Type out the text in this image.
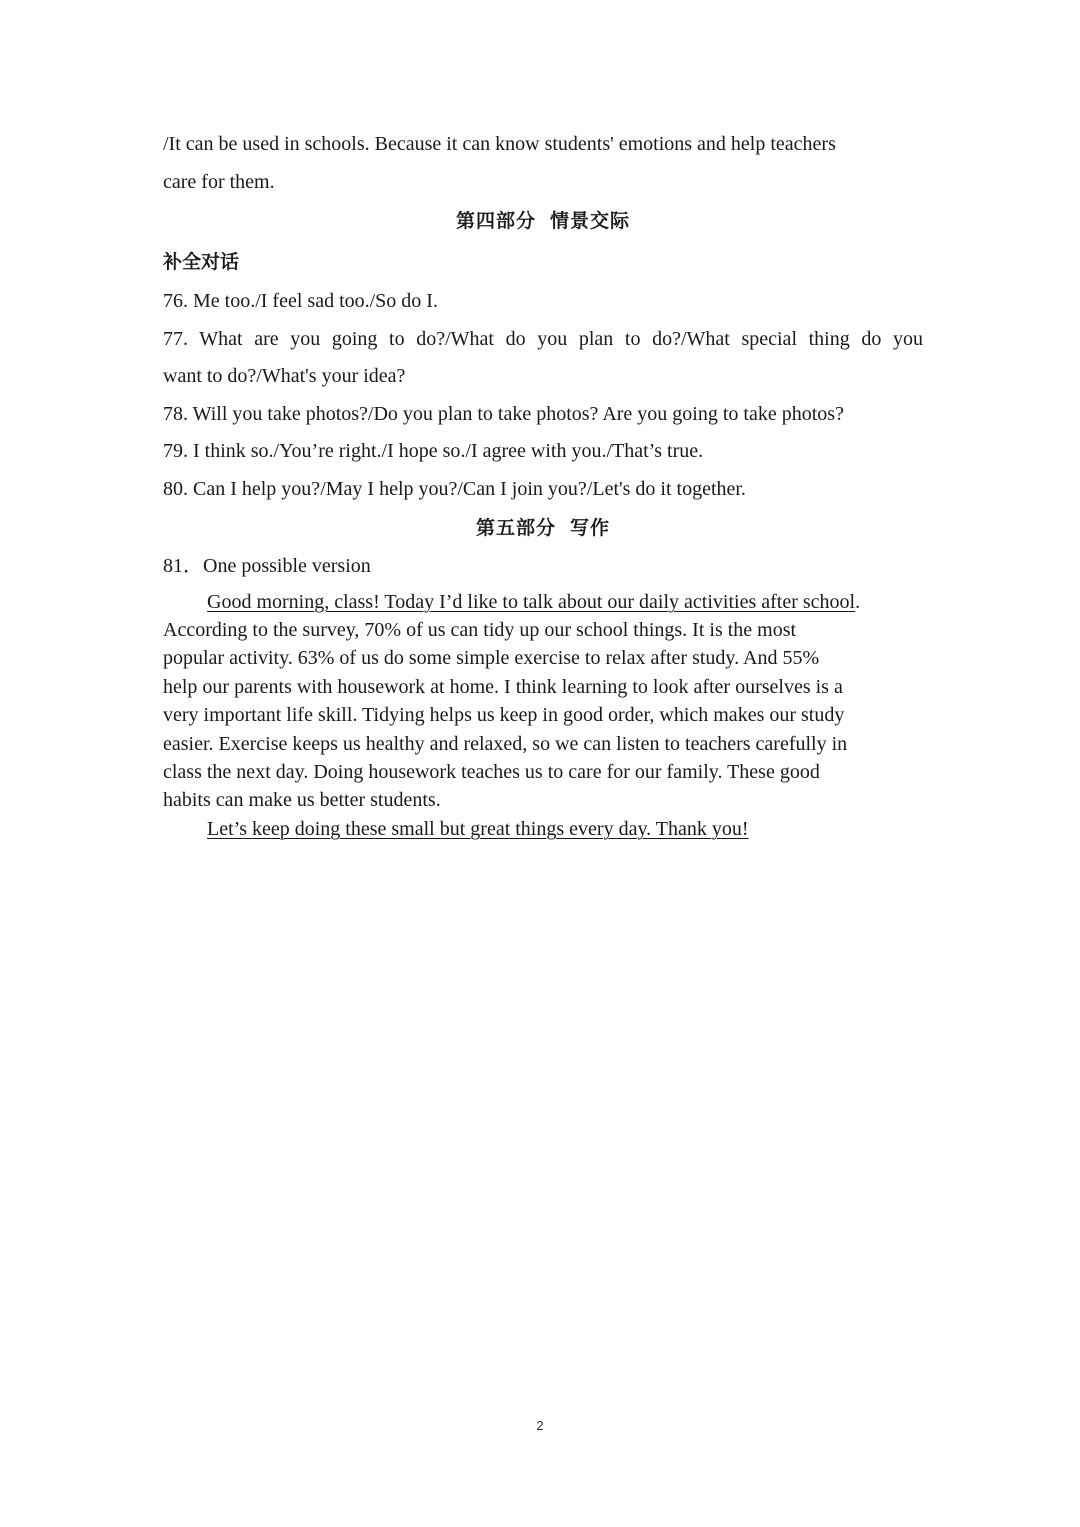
/It can be used in schools. Because it can know students' emotions and help teachers

care for them.

第四部分 情景交际
补全对话

76. Me too./I feel sad too./So do I.

77. What are you going to do?/What do you plan to do?/What special thing do you

want to do?/What's your idea?

78. Will you take photos?/Do you plan to take photos? Are you going to take photos?

79. I think so./You’re right./I hope so./I agree with you./That’s true.

80. Can I help you?/May I help you?/Can I join you?/Let's do it together.

第五部分 写作

81．One possible version

Good morning, class! Today I’d like to talk about our daily activities after school.
According to the survey, 70% of us can tidy up our school things. It is the most
popular activity. 63% of us do some simple exercise to relax after study. And 55%
help our parents with housework at home. I think learning to look after ourselves is a
very important life skill. Tidying helps us keep in good order, which makes our study
easier. Exercise keeps us healthy and relaxed, so we can listen to teachers carefully in
class the next day. Doing housework teaches us to care for our family. These good
habits can make us better students.
Let’s keep doing these small but great things every day. Thank you!
2
